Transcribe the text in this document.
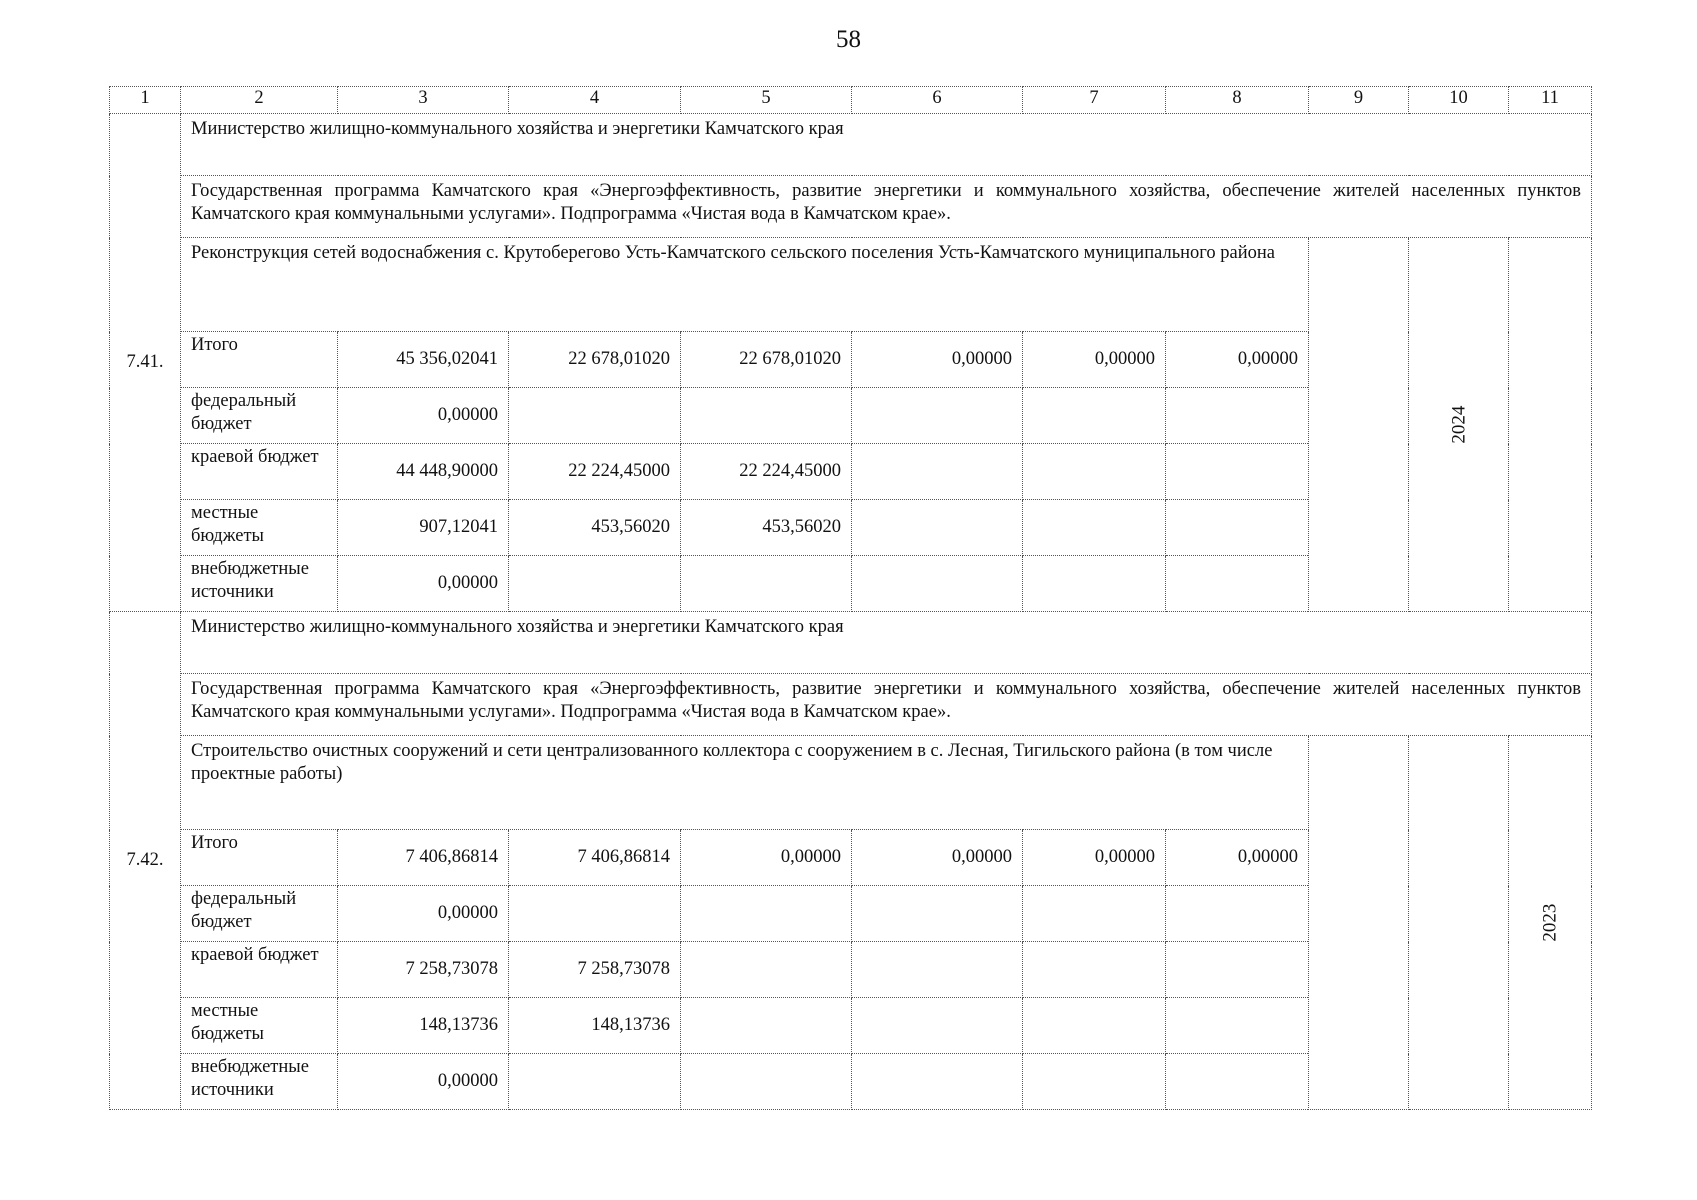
58
1	2	3	4	5	6	7	8	9	10	11
7.41.	Министерство жилищно-коммунального хозяйства и энергетики Камчатского края									
	Государственная программа Камчатского края «Энергоэффективность, развитие энергетики и коммунального хозяйства, обеспечение жителей населенных пунктов Камчатского края коммунальными услугами». Подпрограмма «Чистая вода в Камчатском крае».									
	Реконструкция сетей водоснабжения с. Крутоберегово Усть-Камчатского сельского поселения Усть-Камчатского муниципального района								2024	
	Итого	45 356,02041	22 678,01020	22 678,01020	0,00000	0,00000	0,00000			
	федеральный бюджет	0,00000								
	краевой бюджет	44 448,90000	22 224,45000	22 224,45000						
	местные бюджеты	907,12041	453,56020	453,56020						
	внебюджетные источники	0,00000								
7.42.	Министерство жилищно-коммунального хозяйства и энергетики Камчатского края									
	Государственная программа Камчатского края «Энергоэффективность, развитие энергетики и коммунального хозяйства, обеспечение жителей населенных пунктов Камчатского края коммунальными услугами». Подпрограмма «Чистая вода в Камчатском крае».									
	Строительство очистных сооружений и сети централизованного коллектора с сооружением в с. Лесная, Тигильского района (в том числе проектные работы)									2023
	Итого	7 406,86814	7 406,86814	0,00000	0,00000	0,00000	0,00000			
	федеральный бюджет	0,00000								
	краевой бюджет	7 258,73078	7 258,73078							
	местные бюджеты	148,13736	148,13736							
	внебюджетные источники	0,00000								
